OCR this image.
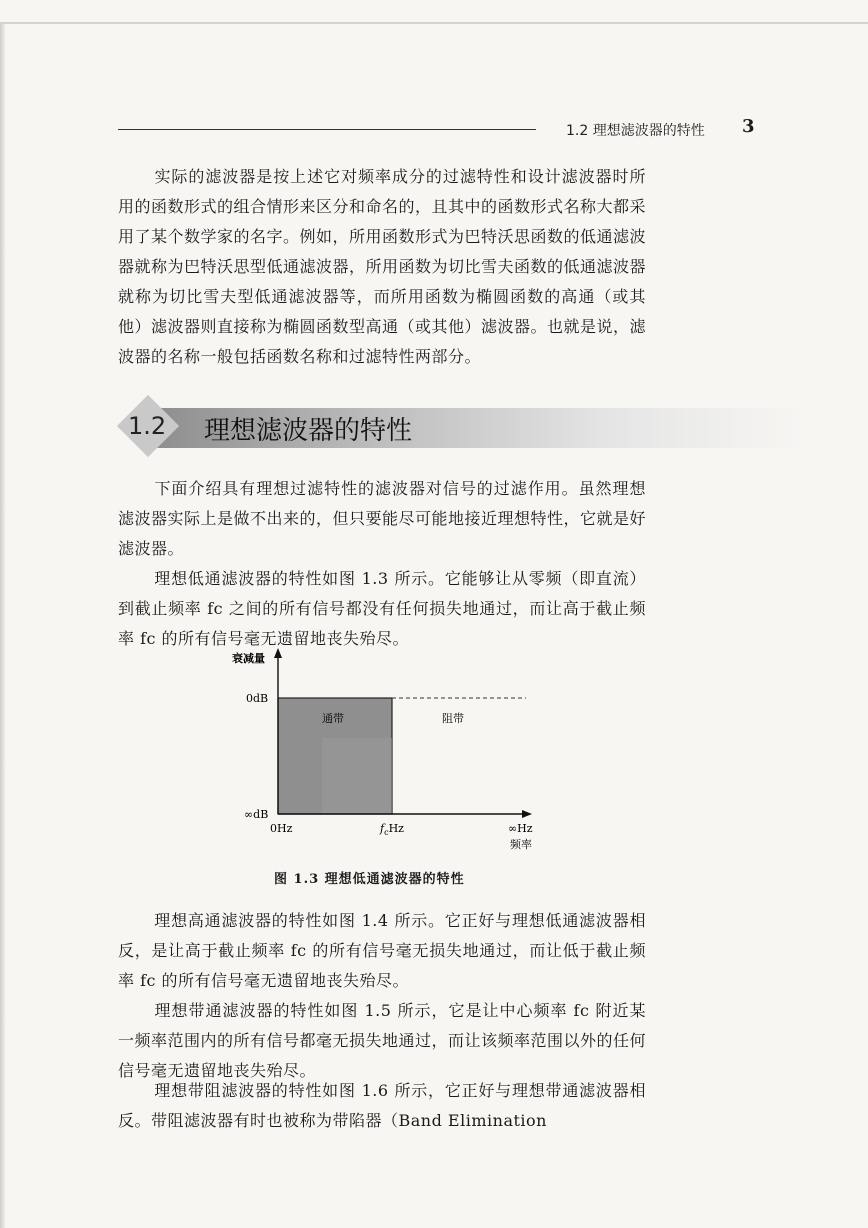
1.2 理想滤波器的特性 3

实际的滤波器是按上述它对频率成分的过滤特性和设计滤波器时所用的函数形式的组合情形来区分和命名的，且其中的函数形式名称大都采用了某个数学家的名字。例如，所用函数形式为巴特沃思函数的低通滤波器就称为巴特沃思型低通滤波器，所用函数为切比雪夫函数的低通滤波器就称为切比雪夫型低通滤波器等，而所用函数为椭圆函数的高通（或其他）滤波器则直接称为椭圆函数型高通（或其他）滤波器。也就是说，滤波器的名称一般包括函数名称和过滤特性两部分。

1.2 理想滤波器的特性

下面介绍具有理想过滤特性的滤波器对信号的过滤作用。虽然理想滤波器实际上是做不出来的，但只要能尽可能地接近理想特性，它就是好滤波器。

理想低通滤波器的特性如图 1.3 所示。它能够让从零频（即直流）到截止频率 fc 之间的所有信号都没有任何损失地通过，而让高于截止频率 fc 的所有信号毫无遗留地丧失殆尽。

衰减量
0dB
∞dB
通带	阻带
0Hz	$f_cHz$	∞Hz
频率
图 1.3 理想低通滤波器的特性

理想高通滤波器的特性如图 1.4 所示。它正好与理想低通滤波器相反，是让高于截止频率 fc 的所有信号毫无损失地通过，而让低于截止频率 fc 的所有信号毫无遗留地丧失殆尽。

理想带通滤波器的特性如图 1.5 所示，它是让中心频率 fc 附近某一频率范围内的所有信号都毫无损失地通过，而让该频率范围以外的任何信号毫无遗留地丧失殆尽。

理想带阻滤波器的特性如图 1.6 所示，它正好与理想带通滤波器相反。带阻滤波器有时也被称为带陷器（Band Elimination
